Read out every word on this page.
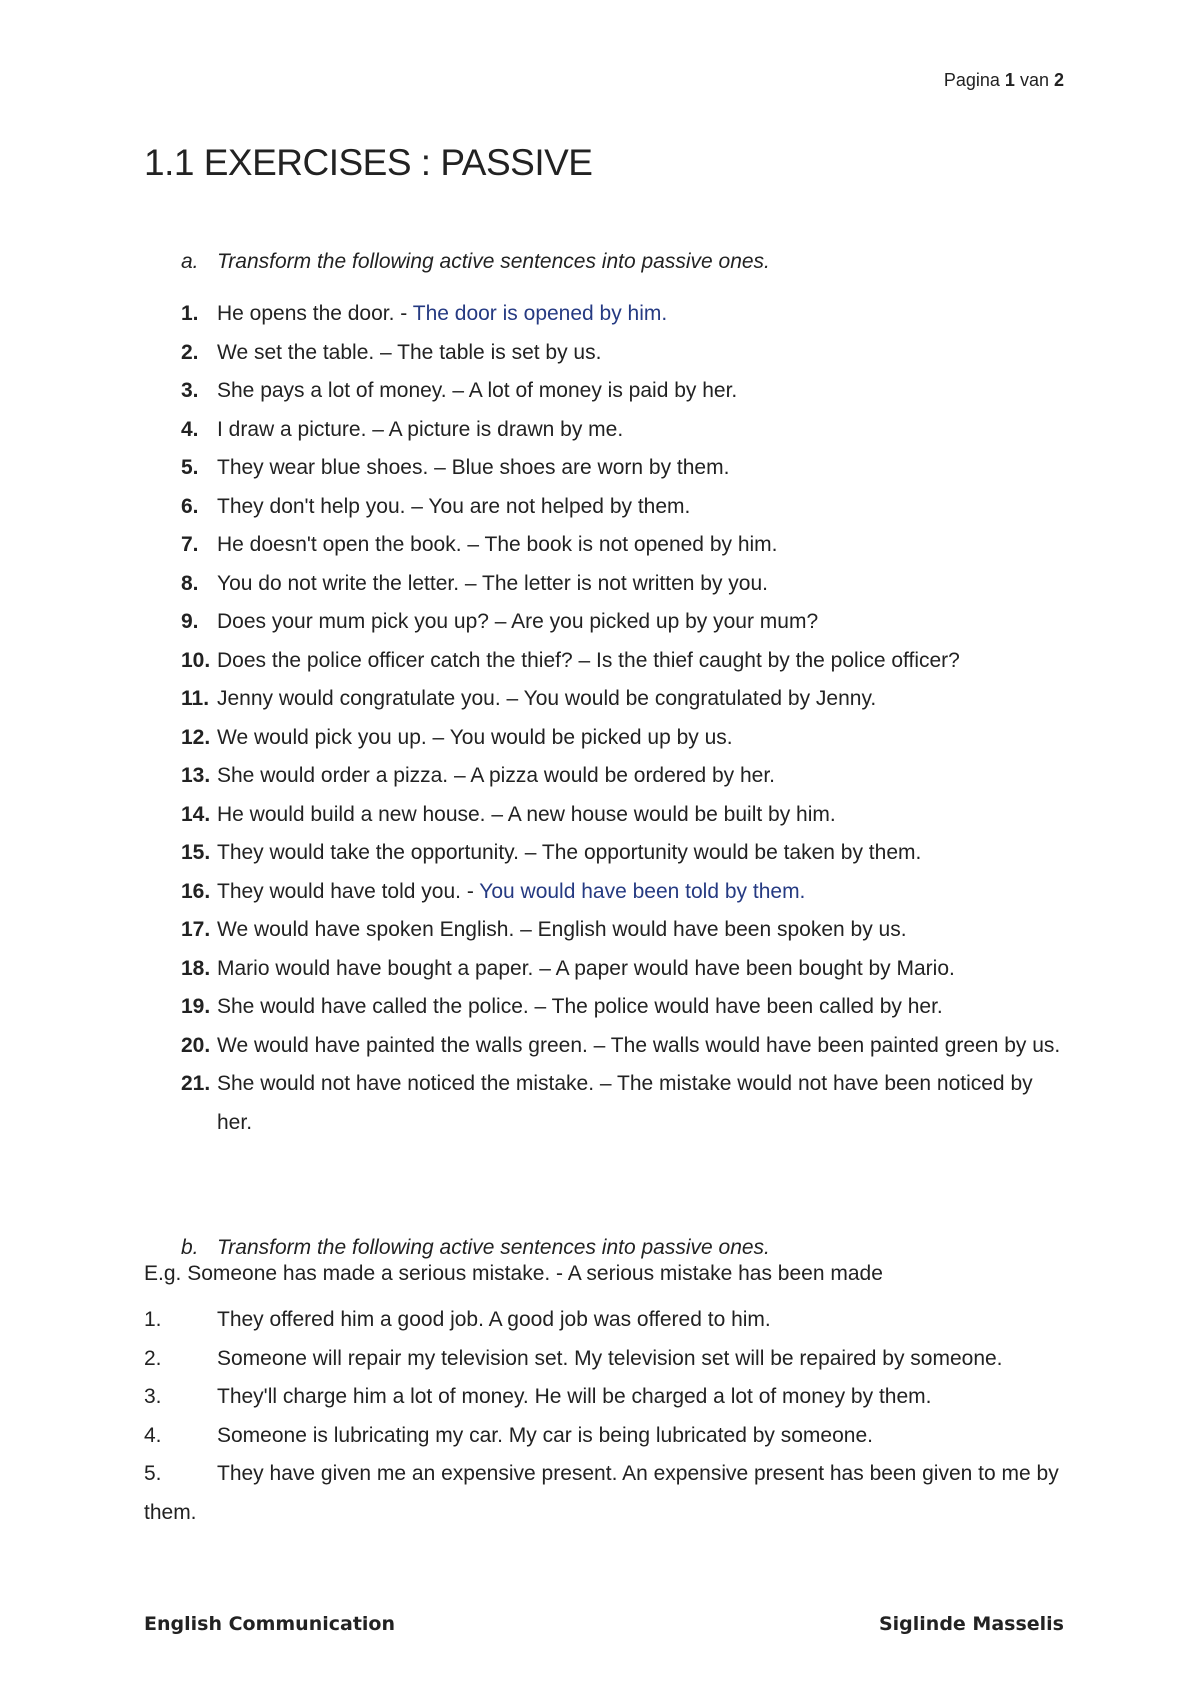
Pagina 1 van 2
1.1 EXERCISES : PASSIVE
a. Transform the following active sentences into passive ones.
1. He opens the door. - The door is opened by him.
2. We set the table. – The table is set by us.
3. She pays a lot of money. – A lot of money is paid by her.
4. I draw a picture. – A picture is drawn by me.
5. They wear blue shoes. – Blue shoes are worn by them.
6. They don't help you. – You are not helped by them.
7. He doesn't open the book. – The book is not opened by him.
8. You do not write the letter. – The letter is not written by you.
9. Does your mum pick you up? – Are you picked up by your mum?
10. Does the police officer catch the thief? – Is the thief caught by the police officer?
11. Jenny would congratulate you. – You would be congratulated by Jenny.
12. We would pick you up. – You would be picked up by us.
13. She would order a pizza. – A pizza would be ordered by her.
14. He would build a new house. – A new house would be built by him.
15. They would take the opportunity. – The opportunity would be taken by them.
16. They would have told you. - You would have been told by them.
17. We would have spoken English. – English would have been spoken by us.
18. Mario would have bought a paper. – A paper would have been bought by Mario.
19. She would have called the police. – The police would have been called by her.
20. We would have painted the walls green. – The walls would have been painted green by us.
21. She would not have noticed the mistake. – The mistake would not have been noticed by her.
b. Transform the following active sentences into passive ones.
E.g. Someone has made a serious mistake. - A serious mistake has been made
1.	They offered him a good job. A good job was offered to him.
2.	Someone will repair my television set. My television set will be repaired by someone.
3.	They'll charge him a lot of money. He will be charged a lot of money by them.
4.	Someone is lubricating my car. My car is being lubricated by someone.
5.	They have given me an expensive present. An expensive present has been given to me by them.
English Communication	Siglinde Masselis
